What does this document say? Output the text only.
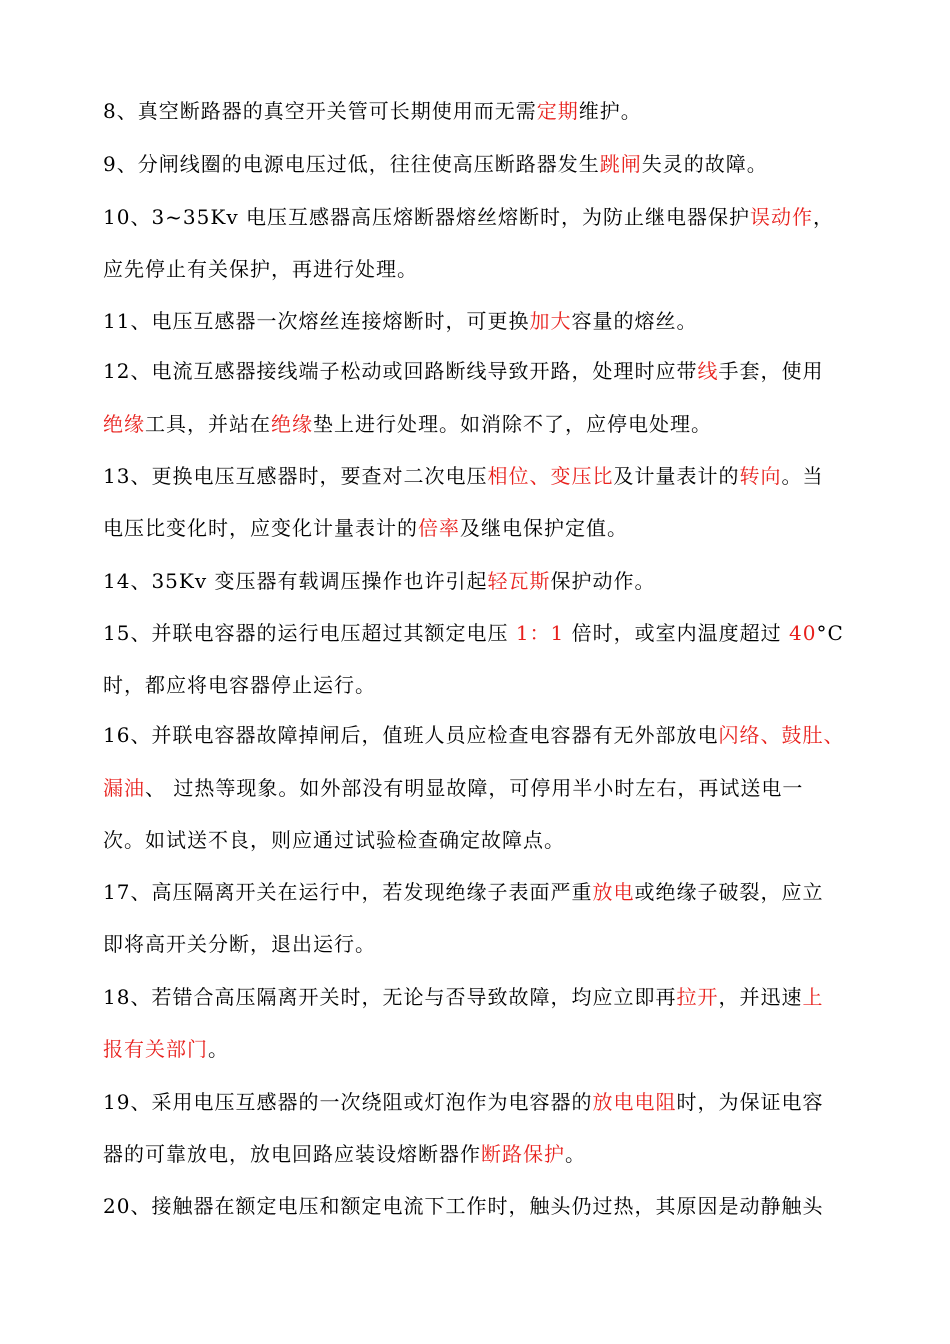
8、真空断路器的真空开关管可长期使用而无需定期维护。
9、分闸线圈的电源电压过低，往往使高压断路器发生跳闸失灵的故障。
10、3~35Kv 电压互感器高压熔断器熔丝熔断时，为防止继电器保护误动作，
应先停止有关保护，再进行处理。
11、电压互感器一次熔丝连接熔断时，可更换加大容量的熔丝。
12、电流互感器接线端子松动或回路断线导致开路，处理时应带线手套，使用
绝缘工具，并站在绝缘垫上进行处理。如消除不了，应停电处理。
13、更换电压互感器时，要查对二次电压相位、变压比及计量表计的转向。当
电压比变化时，应变化计量表计的倍率及继电保护定值。
14、35Kv 变压器有载调压操作也许引起轻瓦斯保护动作。
15、并联电容器的运行电压超过其额定电压 1：1 倍时，或室内温度超过 40°C
时，都应将电容器停止运行。
16、并联电容器故障掉闸后，值班人员应检查电容器有无外部放电闪络、鼓肚、
漏油、 过热等现象。如外部没有明显故障，可停用半小时左右，再试送电一
次。如试送不良，则应通过试验检查确定故障点。
17、高压隔离开关在运行中，若发现绝缘子表面严重放电或绝缘子破裂，应立
即将高开关分断，退出运行。
18、若错合高压隔离开关时，无论与否导致故障，均应立即再拉开，并迅速上
报有关部门。
19、采用电压互感器的一次绕阻或灯泡作为电容器的放电电阻时，为保证电容
器的可靠放电，放电回路应装设熔断器作断路保护。
20、接触器在额定电压和额定电流下工作时，触头仍过热，其原因是动静触头
